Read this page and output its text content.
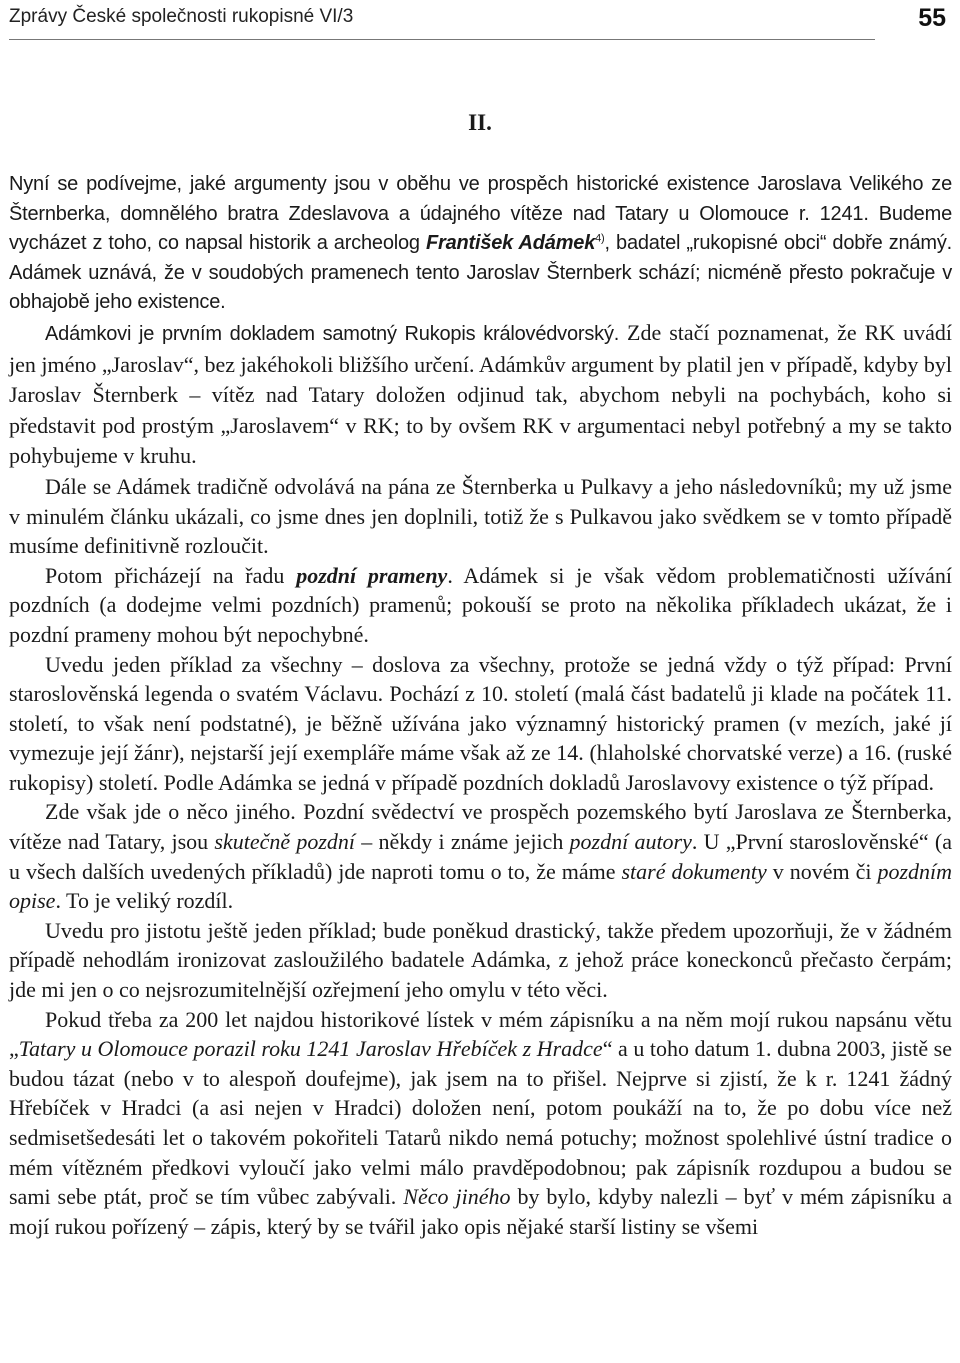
Zprávy České společnosti rukopisné VI/3	55
II.

Nyní se podívejme, jaké argumenty jsou v oběhu ve prospěch historické existence Jaroslava Velikého ze Šternberka, domnělého bratra Zdeslavova a údajného vítěze nad Tatary u Olomouce r. 1241. Budeme vycházet z toho, co napsal historik a archeolog František Adámek$^{4)}$, badatel „rukopisné obci“ dobře známý. Adámek uznává, že v soudobých pramenech tento Jaroslav Šternberk schází; nicméně přesto pokračuje v obhajobě jeho existence.

Adámkovi je prvním dokladem samotný Rukopis královédvorský. Zde stačí poznamenat, že RK uvádí jen jméno „Jaroslav“, bez jakéhokoli bližšího určení. Adámkův argument by platil jen v případě, kdyby byl Jaroslav Šternberk – vítěz nad Tatary doložen odjinud tak, abychom nebyli na pochybách, koho si představit pod prostým „Jaroslavem“ v RK; to by ovšem RK v argumentaci nebyl potřebný a my se takto pohybujeme v kruhu.

Dále se Adámek tradičně odvolává na pána ze Šternberka u Pulkavy a jeho následovníků; my už jsme v minulém článku ukázali, co jsme dnes jen doplnili, totiž že s Pulkavou jako svědkem se v tomto případě musíme definitivně rozloučit.

Potom přicházejí na řadu pozdní prameny. Adámek si je však vědom problematičnosti užívání pozdních (a dodejme velmi pozdních) pramenů; pokouší se proto na několika příkladech ukázat, že i pozdní prameny mohou být nepochybné.

Uvedu jeden příklad za všechny – doslova za všechny, protože se jedná vždy o týž případ: První staroslověnská legenda o svatém Václavu. Pochází z 10. století (malá část badatelů ji klade na počátek 11. století, to však není podstatné), je běžně užívána jako významný historický pramen (v mezích, jaké jí vymezuje její žánr), nejstarší její exempláře máme však až ze 14. (hlaholské chorvatské verze) a 16. (ruské rukopisy) století. Podle Adámka se jedná v případě pozdních dokladů Jaroslavovy existence o týž případ.

Zde však jde o něco jiného. Pozdní svědectví ve prospěch pozemského bytí Jaroslava ze Šternberka, vítěze nad Tatary, jsou skutečně pozdní – někdy i známe jejich pozdní autory. U „První staroslověnské“ (a u všech dalších uvedených příkladů) jde naproti tomu o to, že máme staré dokumenty v novém či pozdním opise. To je veliký rozdíl.

Uvedu pro jistotu ještě jeden příklad; bude poněkud drastický, takže předem upozorňuji, že v žádném případě nehodlám ironizovat zasloužilého badatele Adámka, z jehož práce koneckonců přečasto čerpám; jde mi jen o co nejsrozumitelnější ozřejmení jeho omylu v této věci.

Pokud třeba za 200 let najdou historikové lístek v mém zápisníku a na něm mojí rukou napsánu větu „Tatary u Olomouce porazil roku 1241 Jaroslav Hřebíček z Hradce“ a u toho datum 1. dubna 2003, jistě se budou tázat (nebo v to alespoň doufejme), jak jsem na to přišel. Nejprve si zjistí, že k r. 1241 žádný Hřebíček v Hradci (a asi nejen v Hradci) doložen není, potom poukáží na to, že po dobu více než sedmisetšedesáti let o takovém pokořiteli Tatarů nikdo nemá potuchy; možnost spolehlivé ústní tradice o mém vítězném předkovi vyloučí jako velmi málo pravděpodobnou; pak zápisník rozdupou a budou se sami sebe ptát, proč se tím vůbec zabývali. Něco jiného by bylo, kdyby nalezli – byť v mém zápisníku a mojí rukou pořízený – zápis, který by se tvářil jako opis nějaké starší listiny se všemi
